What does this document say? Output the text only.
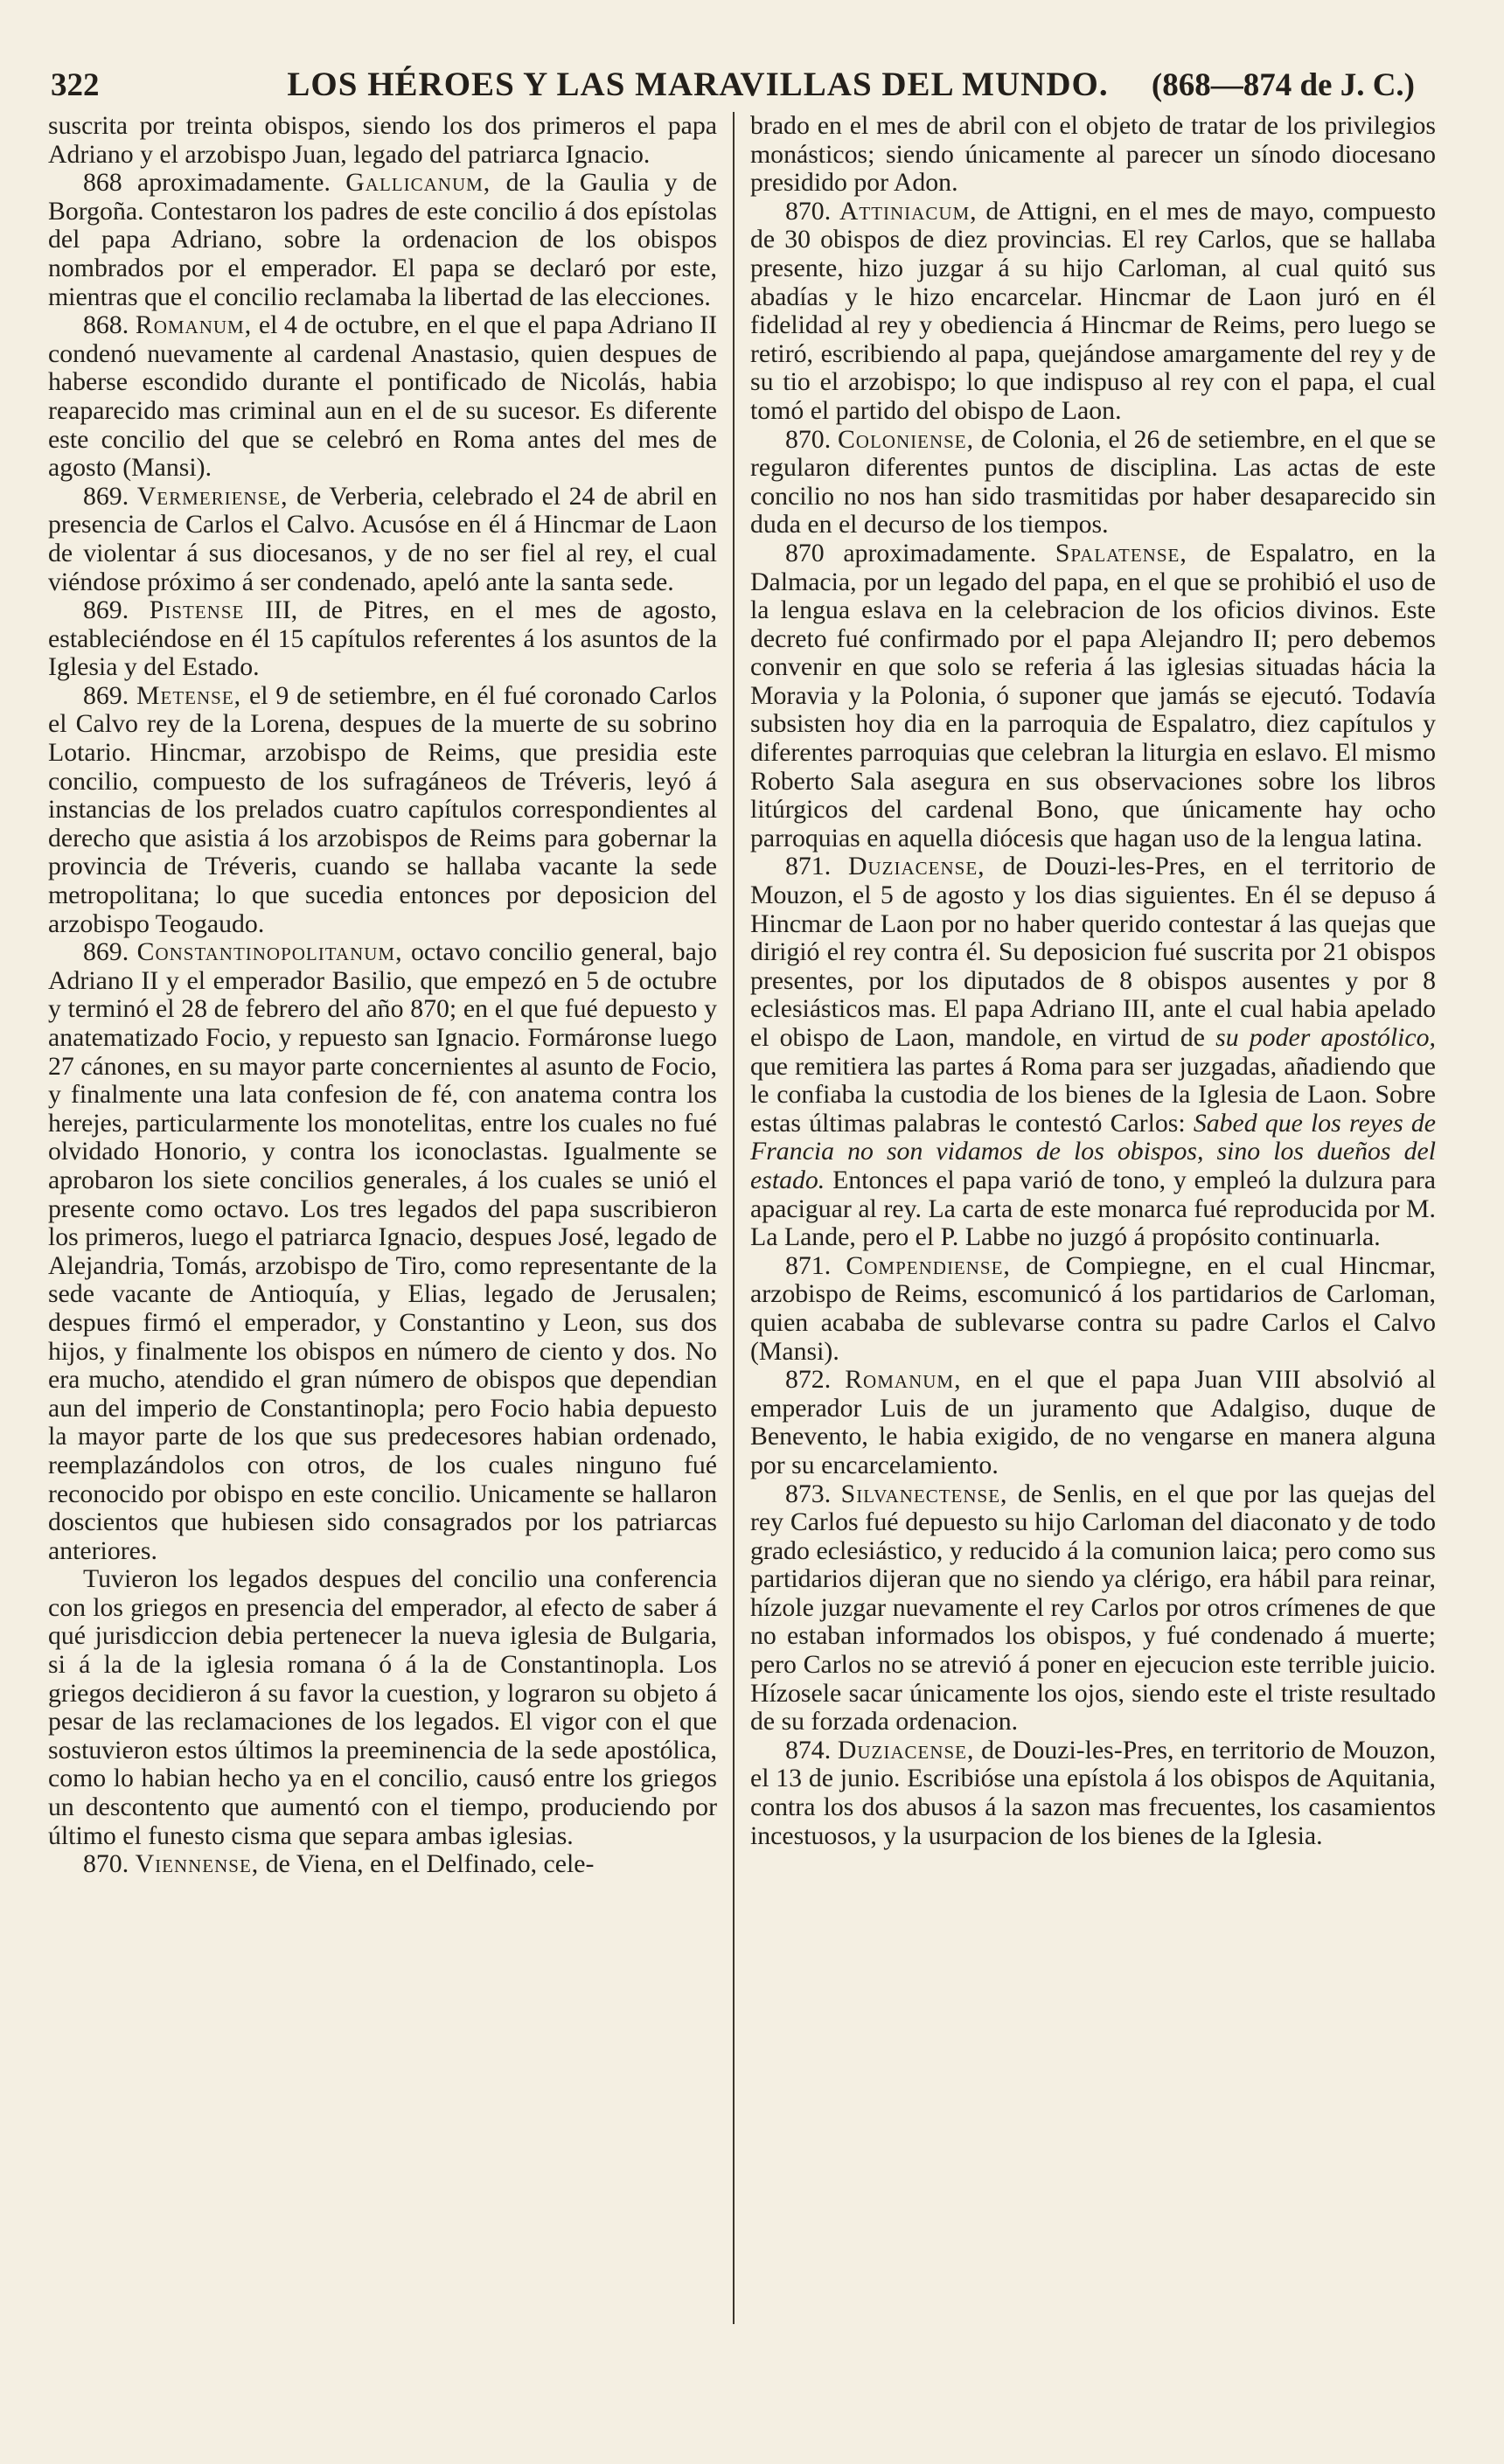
322	LOS HÉROES Y LAS MARAVILLAS DEL MUNDO.	(868—874 de J. C.)

suscrita por treinta obispos, siendo los dos primeros el papa Adriano y el arzobispo Juan, legado del patriarca Ignacio.

868 aproximadamente. Gallicanum, de la Gaulia y de Borgoña. Contestaron los padres de este concilio á dos epístolas del papa Adriano, sobre la ordenacion de los obispos nombrados por el emperador. El papa se declaró por este, mientras que el concilio reclamaba la libertad de las elecciones.

868. Romanum, el 4 de octubre, en el que el papa Adriano II condenó nuevamente al cardenal Anastasio, quien despues de haberse escondido durante el pontificado de Nicolás, habia reaparecido mas criminal aun en el de su sucesor. Es diferente este concilio del que se celebró en Roma antes del mes de agosto (Mansi).

869. Vermeriense, de Verberia, celebrado el 24 de abril en presencia de Carlos el Calvo. Acusóse en él á Hincmar de Laon de violentar á sus diocesanos, y de no ser fiel al rey, el cual viéndose próximo á ser condenado, apeló ante la santa sede.

869. Pistense III, de Pitres, en el mes de agosto, estableciéndose en él 15 capítulos referentes á los asuntos de la Iglesia y del Estado.

869. Metense, el 9 de setiembre, en él fué coronado Carlos el Calvo rey de la Lorena, despues de la muerte de su sobrino Lotario. Hincmar, arzobispo de Reims, que presidia este concilio, compuesto de los sufragáneos de Tréveris, leyó á instancias de los prelados cuatro capítulos correspondientes al derecho que asistia á los arzobispos de Reims para gobernar la provincia de Tréveris, cuando se hallaba vacante la sede metropolitana; lo que sucedia entonces por deposicion del arzobispo Teogaudo.

869. Constantinopolitanum, octavo concilio general, bajo Adriano II y el emperador Basilio, que empezó en 5 de octubre y terminó el 28 de febrero del año 870; en el que fué depuesto y anatematizado Focio, y repuesto san Ignacio. Formáronse luego 27 cánones, en su mayor parte concernientes al asunto de Focio, y finalmente una lata confesion de fé, con anatema contra los herejes, particularmente los monotelitas, entre los cuales no fué olvidado Honorio, y contra los iconoclastas. Igualmente se aprobaron los siete concilios generales, á los cuales se unió el presente como octavo. Los tres legados del papa suscribieron los primeros, luego el patriarca Ignacio, despues José, legado de Alejandria, Tomás, arzobispo de Tiro, como representante de la sede vacante de Antioquía, y Elias, legado de Jerusalen; despues firmó el emperador, y Constantino y Leon, sus dos hijos, y finalmente los obispos en número de ciento y dos. No era mucho, atendido el gran número de obispos que dependian aun del imperio de Constantinopla; pero Focio habia depuesto la mayor parte de los que sus predecesores habian ordenado, reemplazándolos con otros, de los cuales ninguno fué reconocido por obispo en este concilio. Unicamente se hallaron doscientos que hubiesen sido consagrados por los patriarcas anteriores.

Tuvieron los legados despues del concilio una conferencia con los griegos en presencia del emperador, al efecto de saber á qué jurisdiccion debia pertenecer la nueva iglesia de Bulgaria, si á la de la iglesia romana ó á la de Constantinopla. Los griegos decidieron á su favor la cuestion, y lograron su objeto á pesar de las reclamaciones de los legados. El vigor con el que sostuvieron estos últimos la preeminencia de la sede apostólica, como lo habian hecho ya en el concilio, causó entre los griegos un descontento que aumentó con el tiempo, produciendo por último el funesto cisma que separa ambas iglesias.

870. Viennense, de Viena, en el Delfinado, cele-

brado en el mes de abril con el objeto de tratar de los privilegios monásticos; siendo únicamente al parecer un sínodo diocesano presidido por Adon.

870. Attiniacum, de Attigni, en el mes de mayo, compuesto de 30 obispos de diez provincias. El rey Carlos, que se hallaba presente, hizo juzgar á su hijo Carloman, al cual quitó sus abadías y le hizo encarcelar. Hincmar de Laon juró en él fidelidad al rey y obediencia á Hincmar de Reims, pero luego se retiró, escribiendo al papa, quejándose amargamente del rey y de su tio el arzobispo; lo que indispuso al rey con el papa, el cual tomó el partido del obispo de Laon.

870. Coloniense, de Colonia, el 26 de setiembre, en el que se regularon diferentes puntos de disciplina. Las actas de este concilio no nos han sido trasmitidas por haber desaparecido sin duda en el decurso de los tiempos.

870 aproximadamente. Spalatense, de Espalatro, en la Dalmacia, por un legado del papa, en el que se prohibió el uso de la lengua eslava en la celebracion de los oficios divinos. Este decreto fué confirmado por el papa Alejandro II; pero debemos convenir en que solo se referia á las iglesias situadas hácia la Moravia y la Polonia, ó suponer que jamás se ejecutó. Todavía subsisten hoy dia en la parroquia de Espalatro, diez capítulos y diferentes parroquias que celebran la liturgia en eslavo. El mismo Roberto Sala asegura en sus observaciones sobre los libros litúrgicos del cardenal Bono, que únicamente hay ocho parroquias en aquella diócesis que hagan uso de la lengua latina.

871. Duziacense, de Douzi-les-Pres, en el territorio de Mouzon, el 5 de agosto y los dias siguientes. En él se depuso á Hincmar de Laon por no haber querido contestar á las quejas que dirigió el rey contra él. Su deposicion fué suscrita por 21 obispos presentes, por los diputados de 8 obispos ausentes y por 8 eclesiásticos mas. El papa Adriano III, ante el cual habia apelado el obispo de Laon, mandole, en virtud de su poder apostólico, que remitiera las partes á Roma para ser juzgadas, añadiendo que le confiaba la custodia de los bienes de la Iglesia de Laon. Sobre estas últimas palabras le contestó Carlos: Sabed que los reyes de Francia no son vidamos de los obispos, sino los dueños del estado. Entonces el papa varió de tono, y empleó la dulzura para apaciguar al rey. La carta de este monarca fué reproducida por M. La Lande, pero el P. Labbe no juzgó á propósito continuarla.

871. Compendiense, de Compiegne, en el cual Hincmar, arzobispo de Reims, escomunicó á los partidarios de Carloman, quien acababa de sublevarse contra su padre Carlos el Calvo (Mansi).

872. Romanum, en el que el papa Juan VIII absolvió al emperador Luis de un juramento que Adalgiso, duque de Benevento, le habia exigido, de no vengarse en manera alguna por su encarcelamiento.

873. Silvanectense, de Senlis, en el que por las quejas del rey Carlos fué depuesto su hijo Carloman del diaconato y de todo grado eclesiástico, y reducido á la comunion laica; pero como sus partidarios dijeran que no siendo ya clérigo, era hábil para reinar, hízole juzgar nuevamente el rey Carlos por otros crímenes de que no estaban informados los obispos, y fué condenado á muerte; pero Carlos no se atrevió á poner en ejecucion este terrible juicio. Hízosele sacar únicamente los ojos, siendo este el triste resultado de su forzada ordenacion.

874. Duziacense, de Douzi-les-Pres, en territorio de Mouzon, el 13 de junio. Escribióse una epístola á los obispos de Aquitania, contra los dos abusos á la sazon mas frecuentes, los casamientos incestuosos, y la usurpacion de los bienes de la Iglesia.
